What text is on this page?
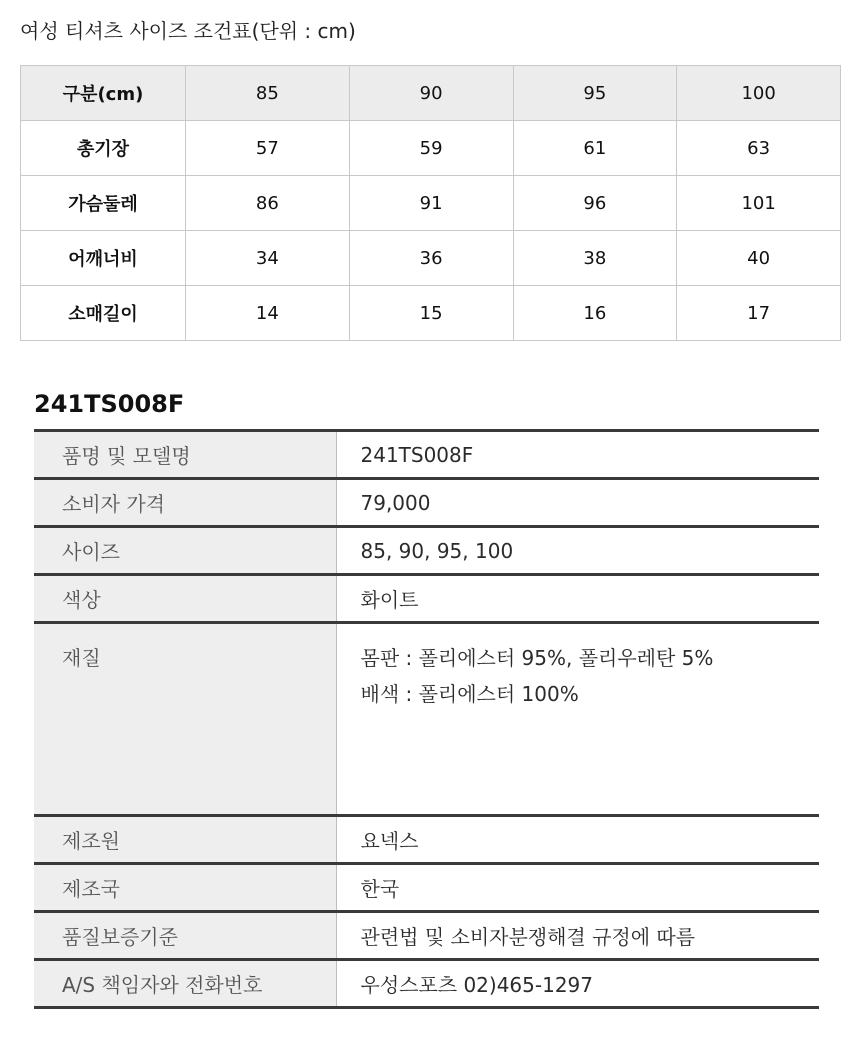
여성 티셔츠 사이즈 조건표(단위 : cm)
구분(cm)	85	90	95	100
총기장	57	59	61	63
가슴둘레	86	91	96	101
어깨너비	34	36	38	40
소매길이	14	15	16	17
241TS008F
품명 및 모델명	241TS008F
소비자 가격	79,000
사이즈	85, 90, 95, 100
색상	화이트
재질	몸판 : 폴리에스터 95%, 폴리우레탄 5%
배색 : 폴리에스터 100%

제조원	요넥스
제조국	한국
품질보증기준	관련법 및 소비자분쟁해결 규정에 따름
A/S 책임자와 전화번호	우성스포츠 02)465-1297
